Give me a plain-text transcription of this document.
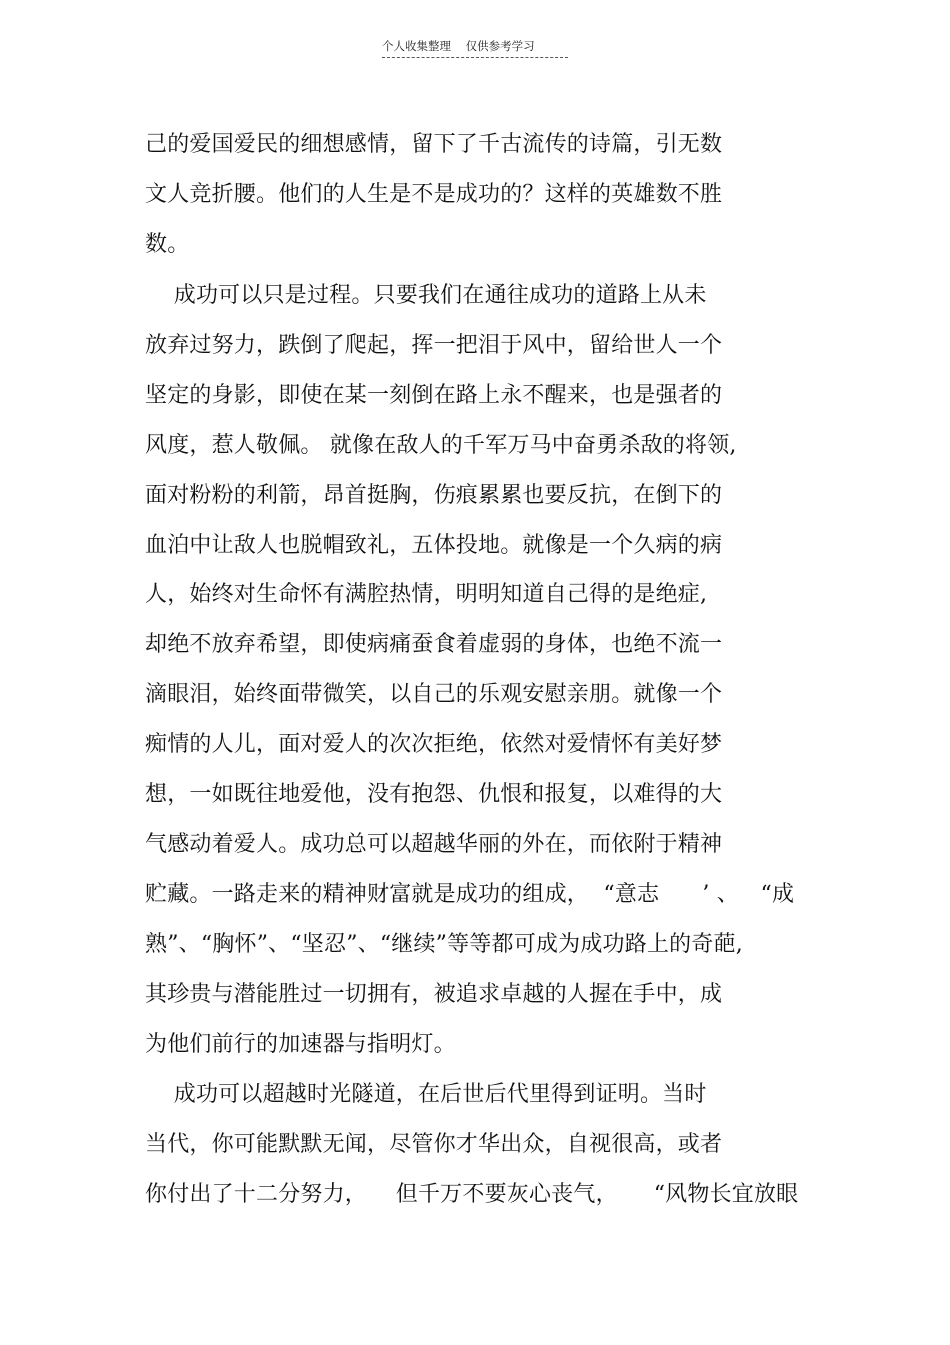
个人收集整理    仅供参考学习
己的爱国爱民的细想感情，留下了千古流传的诗篇，引无数
文人竞折腰。他们的人生是不是成功的？这样的英雄数不胜
数。
成功可以只是过程。只要我们在通往成功的道路上从未
放弃过努力，跌倒了爬起，挥一把泪于风中，留给世人一个
坚定的身影，即使在某一刻倒在路上永不醒来，也是强者的
风度，惹人敬佩。 就像在敌人的千军万马中奋勇杀敌的将领,
面对粉粉的利箭，昂首挺胸，伤痕累累也要反抗，在倒下的
血泊中让敌人也脱帽致礼，五体投地。就像是一个久病的病
人，始终对生命怀有满腔热情，明明知道自己得的是绝症,
却绝不放弃希望，即使病痛蚕食着虚弱的身体，也绝不流一
滴眼泪，始终面带微笑，以自己的乐观安慰亲朋。就像一个
痴情的人儿，面对爱人的次次拒绝，依然对爱情怀有美好梦
想，一如既往地爱他，没有抱怨、仇恨和报复，以难得的大
气感动着爱人。成功总可以超越华丽的外在，而依附于精神
贮藏。一路走来的精神财富就是成功的组成，  “意志      ’ 、   “成
熟”、“胸怀”、“坚忍”、“继续”等等都可成为成功路上的奇葩,
其珍贵与潜能胜过一切拥有，被追求卓越的人握在手中，成
为他们前行的加速器与指明灯。
成功可以超越时光隧道，在后世后代里得到证明。当时
当代，你可能默默无闻，尽管你才华出众，自视很高，或者
你付出了十二分努力，    但千万不要灰心丧气，     “风物长宜放眼
